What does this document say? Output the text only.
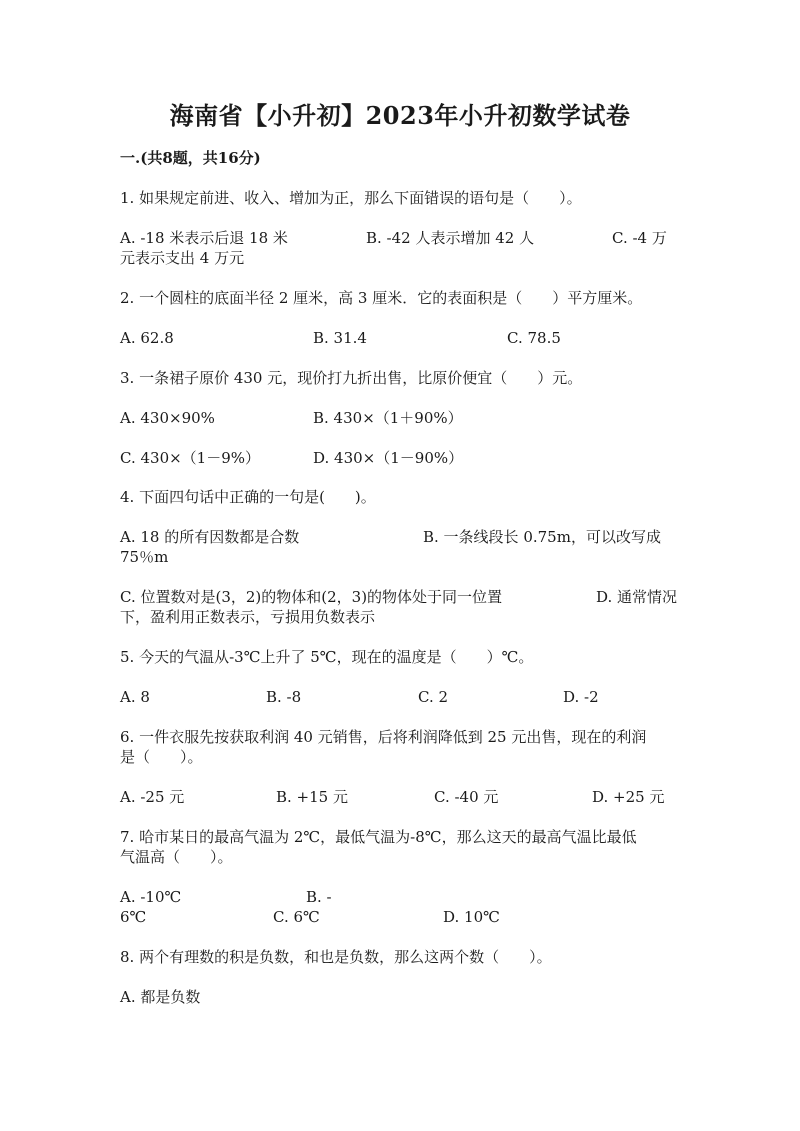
海南省【小升初】2023年小升初数学试卷
一.(共8题，共16分)
1. 如果规定前进、收入、增加为正，那么下面错误的语句是（　　）。
A. -18 米表示后退 18 米	B. -42 人表示增加 42 人	C. -4 万
元表示支出 4 万元
2. 一个圆柱的底面半径 2 厘米，高 3 厘米．它的表面积是（　　）平方厘米。
A. 62.8	B. 31.4	C. 78.5
3. 一条裙子原价 430 元，现价打九折出售，比原价便宜（　　）元。
A. 430×90%	B. 430×（1＋90%）
C. 430×（1－9%）	D. 430×（1－90%）
4. 下面四句话中正确的一句是(　　)。
A. 18 的所有因数都是合数	B. 一条线段长 0.75m，可以改写成
75％m
C. 位置数对是(3，2)的物体和(2，3)的物体处于同一位置	D. 通常情况
下，盈利用正数表示，亏损用负数表示
5. 今天的气温从-3℃上升了 5℃，现在的温度是（　　）℃。
A. 8	B. -8	C. 2	D. -2
6. 一件衣服先按获取利润 40 元销售，后将利润降低到 25 元出售，现在的利润
是（　　）。
A. -25 元	B. +15 元	C. -40 元	D. +25 元
7. 哈市某日的最高气温为 2℃，最低气温为-8℃，那么这天的最高气温比最低
气温高（　　）。
A. -10℃	B. -
6℃	C. 6℃	D. 10℃
8. 两个有理数的积是负数，和也是负数，那么这两个数（　　）。
A. 都是负数
